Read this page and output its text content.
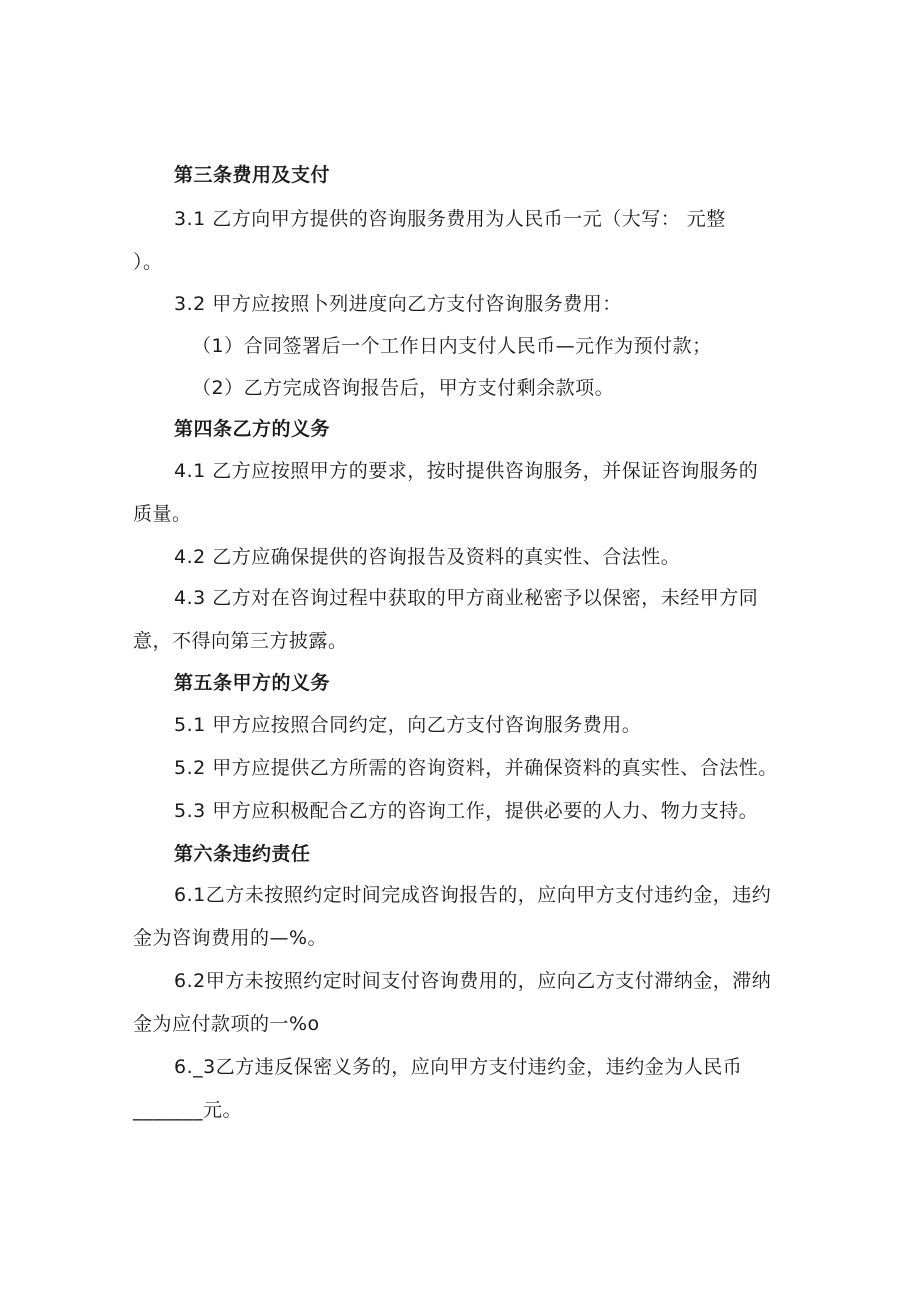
第三条费用及支付
3.1 乙方向甲方提供的咨询服务费用为人民币一元（大写： 元整
）。
3.2 甲方应按照卜列进度向乙方支付咨询服务费用：
（1）合同签署后一个工作日内支付人民币—元作为预付款；
（2）乙方完成咨询报告后，甲方支付剩余款项。
第四条乙方的义务
4.1 乙方应按照甲方的要求，按时提供咨询服务，并保证咨询服务的
质量。
4.2 乙方应确保提供的咨询报告及资料的真实性、合法性。
4.3 乙方对在咨询过程中获取的甲方商业秘密予以保密，未经甲方同
意，不得向第三方披露。
第五条甲方的义务
5.1 甲方应按照合同约定，向乙方支付咨询服务费用。
5.2 甲方应提供乙方所需的咨询资料，并确保资料的真实性、合法性。
5.3 甲方应积极配合乙方的咨询工作，提供必要的人力、物力支持。
第六条违约责任
6.1乙方未按照约定时间完成咨询报告的，应向甲方支付违约金，违约
金为咨询费用的—%。
6.2甲方未按照约定时间支付咨询费用的，应向乙方支付滞纳金，滞纳
金为应付款项的一%o
6._3乙方违反保密义务的，应向甲方支付违约金，违约金为人民币
_______元。
